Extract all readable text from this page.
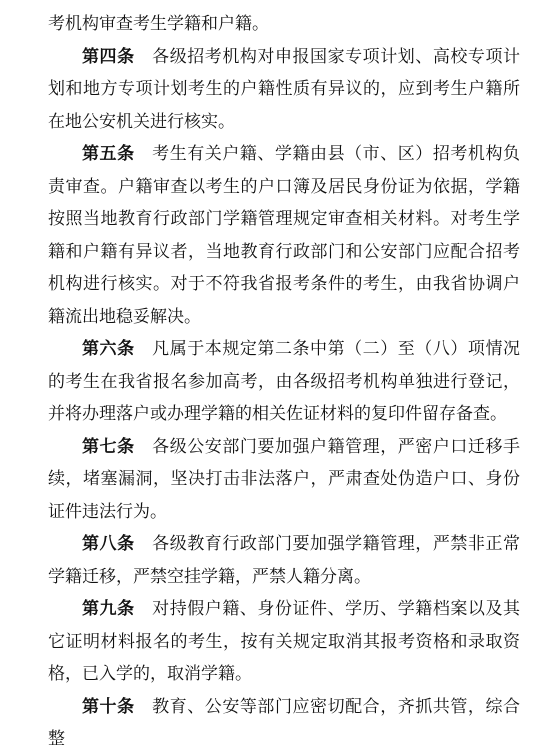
考机构审查考生学籍和户籍。

第四条 各级招考机构对申报国家专项计划、高校专项计划和地方专项计划考生的户籍性质有异议的，应到考生户籍所在地公安机关进行核实。

第五条 考生有关户籍、学籍由县（市、区）招考机构负责审查。户籍审查以考生的户口簿及居民身份证为依据，学籍按照当地教育行政部门学籍管理规定审查相关材料。对考生学籍和户籍有异议者，当地教育行政部门和公安部门应配合招考机构进行核实。对于不符我省报考条件的考生，由我省协调户籍流出地稳妥解决。

第六条 凡属于本规定第二条中第（二）至（八）项情况的考生在我省报名参加高考，由各级招考机构单独进行登记，并将办理落户或办理学籍的相关佐证材料的复印件留存备查。

第七条 各级公安部门要加强户籍管理，严密户口迁移手续，堵塞漏洞，坚决打击非法落户，严肃查处伪造户口、身份证件违法行为。

第八条 各级教育行政部门要加强学籍管理，严禁非正常学籍迁移，严禁空挂学籍，严禁人籍分离。

第九条 对持假户籍、身份证件、学历、学籍档案以及其它证明材料报名的考生，按有关规定取消其报考资格和录取资格，已入学的，取消学籍。

第十条 教育、公安等部门应密切配合，齐抓共管，综合整
